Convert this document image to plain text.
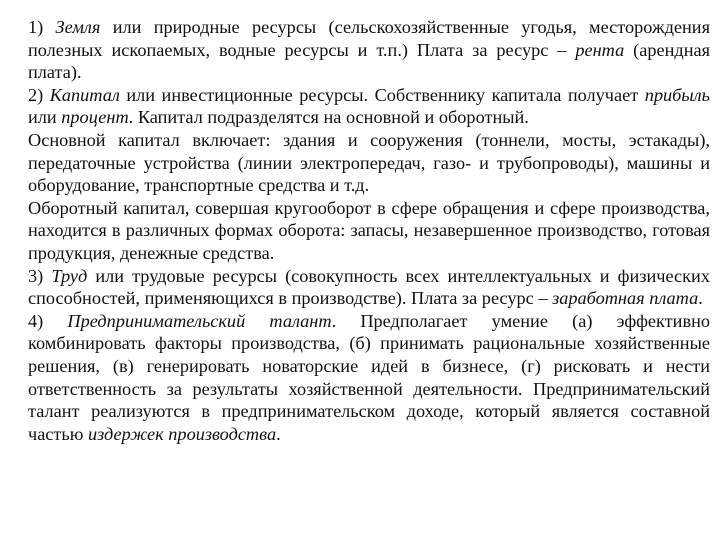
1) Земля или природные ресурсы (сельскохозяйственные угодья, месторождения полезных ископаемых, водные ресурсы и т.п.) Плата за ресурс – рента (арендная плата).

2) Капитал или инвестиционные ресурсы. Собственнику капитала получает прибыль или процент. Капитал подразделятся на основной и оборотный.

Основной капитал включает: здания и сооружения (тоннели, мосты, эстакады), передаточные устройства (линии электропередач, газо- и трубопроводы), машины и оборудование, транспортные средства и т.д.

Оборотный капитал, совершая кругооборот в сфере обращения и сфере производства, находится в различных формах оборота: запасы, незавершенное производство, готовая продукция, денежные средства.

3) Труд или трудовые ресурсы (совокупность всех интеллектуальных и физических способностей, применяющихся в производстве). Плата за ресурс – заработная плата.

4) Предпринимательский талант. Предполагает умение (а) эффективно комбинировать факторы производства, (б) принимать рациональные хозяйственные решения, (в) генерировать новаторские идей в бизнесе, (г) рисковать и нести ответственность за результаты хозяйственной деятельности. Предпринимательский талант реализуются в предпринимательском доходе, который является составной частью издержек производства.
